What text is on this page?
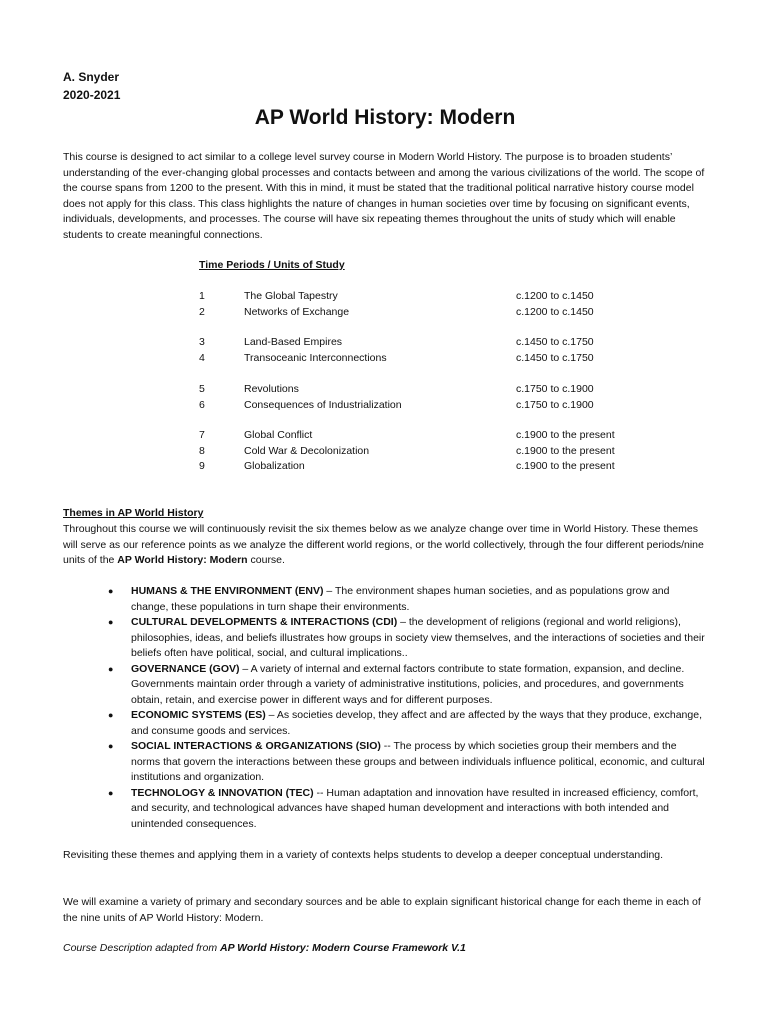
A. Snyder
2020-2021
AP World History: Modern
This course is designed to act similar to a college level survey course in Modern World History. The purpose is to broaden students’ understanding of the ever-changing global processes and contacts between and among the various civilizations of the world. The scope of the course spans from 1200 to the present. With this in mind, it must be stated that the traditional political narrative history course model does not apply for this class. This class highlights the nature of changes in human societies over time by focusing on significant events, individuals, developments, and processes. The course will have six repeating themes throughout the units of study which will enable students to create meaningful connections.
Time Periods / Units of Study
1	The Global Tapestry	c.1200 to c.1450
2	Networks of Exchange	c.1200 to c.1450
3	Land-Based Empires	c.1450 to c.1750
4	Transoceanic Interconnections	c.1450 to c.1750
5	Revolutions	c.1750 to c.1900
6	Consequences of Industrialization	c.1750 to c.1900
7	Global Conflict	c.1900 to the present
8	Cold War & Decolonization	c.1900 to the present
9	Globalization	c.1900 to the present
Themes in AP World History
Throughout this course we will continuously revisit the six themes below as we analyze change over time in World History. These themes will serve as our reference points as we analyze the different world regions, or the world collectively, through the four different periods/nine units of the AP World History: Modern course.
● HUMANS & THE ENVIRONMENT (ENV) – The environment shapes human societies, and as populations grow and change, these populations in turn shape their environments.
● CULTURAL DEVELOPMENTS & INTERACTIONS (CDI) – the development of religions (regional and world religions), philosophies, ideas, and beliefs illustrates how groups in society view themselves, and the interactions of societies and their beliefs often have political, social, and cultural implications..
● GOVERNANCE (GOV) – A variety of internal and external factors contribute to state formation, expansion, and decline. Governments maintain order through a variety of administrative institutions, policies, and procedures, and governments obtain, retain, and exercise power in different ways and for different purposes.
● ECONOMIC SYSTEMS (ES) – As societies develop, they affect and are affected by the ways that they produce, exchange, and consume goods and services.
● SOCIAL INTERACTIONS & ORGANIZATIONS (SIO) -- The process by which societies group their members and the norms that govern the interactions between these groups and between individuals influence political, economic, and cultural institutions and organization.
● TECHNOLOGY & INNOVATION (TEC) -- Human adaptation and innovation have resulted in increased efficiency, comfort, and security, and technological advances have shaped human development and interactions with both intended and unintended consequences.
Revisiting these themes and applying them in a variety of contexts helps students to develop a deeper conceptual understanding.
We will examine a variety of primary and secondary sources and be able to explain significant historical change for each theme in each of the nine units of AP World History: Modern.
Course Description adapted from AP World History: Modern Course Framework V.1
